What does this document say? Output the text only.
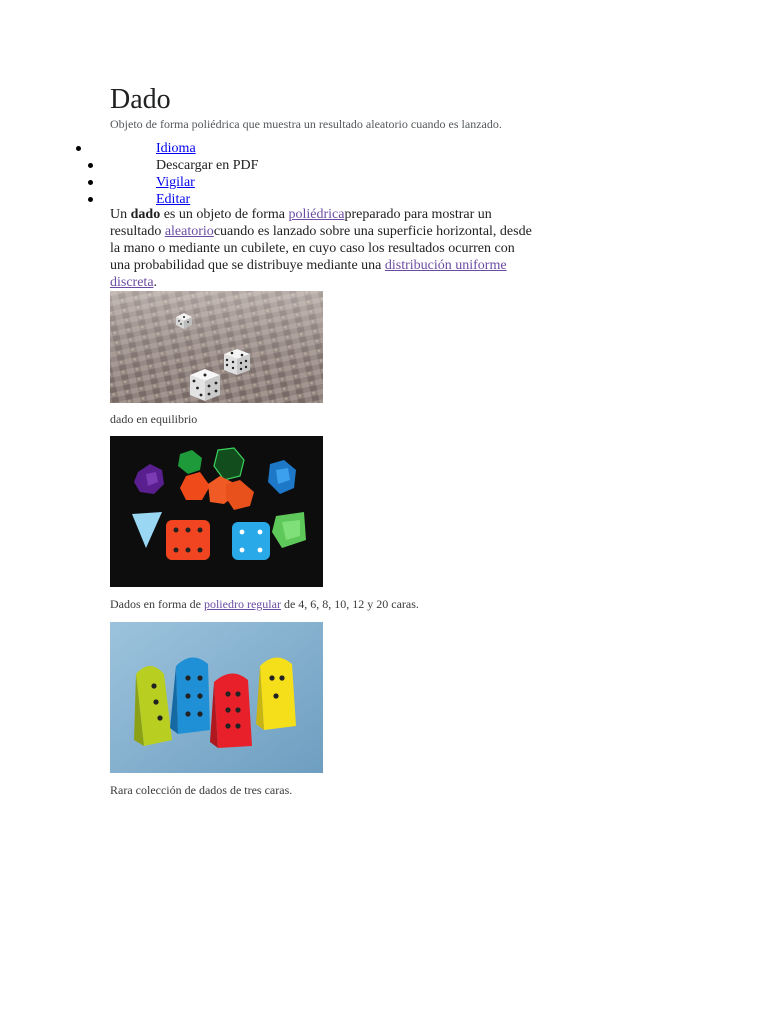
Dado
Objeto de forma poliédrica que muestra un resultado aleatorio cuando es lanzado.
Idioma
Descargar en PDF
Vigilar
Editar

Un dado es un objeto de forma poliédricapreparado para mostrar un resultado aleatoriocuando es lanzado sobre una superficie horizontal, desde la mano o mediante un cubilete, en cuyo caso los resultados ocurren con una probabilidad que se distribuye mediante una distribución uniforme discreta.

dado en equilibrio
Dados en forma de poliedro regular de 4, 6, 8, 10, 12 y 20 caras.
Rara colección de dados de tres caras.
